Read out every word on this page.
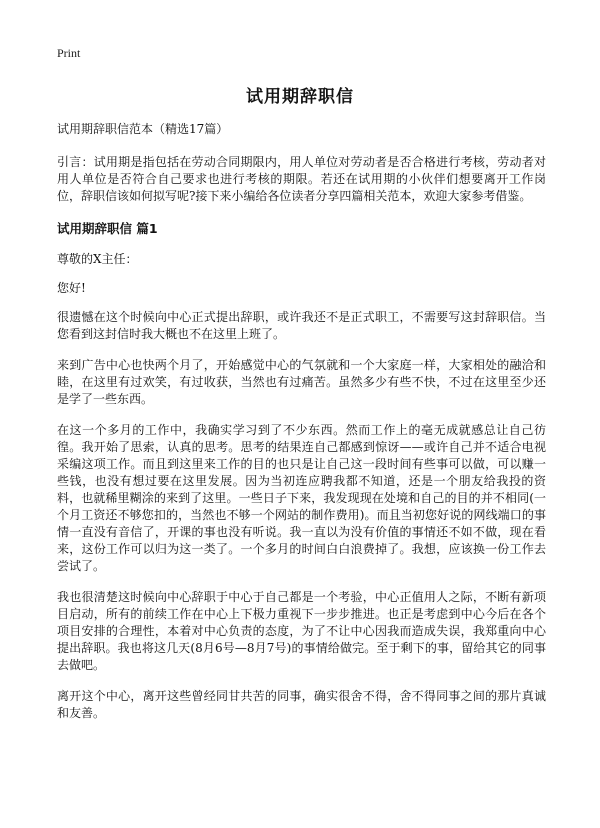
Print
试用期辞职信

试用期辞职信范本（精选17篇）

引言：试用期是指包括在劳动合同期限内，用人单位对劳动者是否合格进行考核，劳动者对用人单位是否符合自己要求也进行考核的期限。若还在试用期的小伙伴们想要离开工作岗位，辞职信该如何拟写呢?接下来小编给各位读者分享四篇相关范本，欢迎大家参考借鉴。

试用期辞职信 篇1

尊敬的X主任：

您好!

很遗憾在这个时候向中心正式提出辞职，或许我还不是正式职工，不需要写这封辞职信。当您看到这封信时我大概也不在这里上班了。

来到广告中心也快两个月了，开始感觉中心的气氛就和一个大家庭一样，大家相处的融洽和睦，在这里有过欢笑，有过收获，当然也有过痛苦。虽然多少有些不快，不过在这里至少还是学了一些东西。

在这一个多月的工作中，我确实学习到了不少东西。然而工作上的毫无成就感总让自己彷徨。我开始了思索，认真的思考。思考的结果连自己都感到惊讶——或许自己并不适合电视采编这项工作。而且到这里来工作的目的也只是让自己这一段时间有些事可以做，可以赚一些钱，也没有想过要在这里发展。因为当初连应聘我都不知道，还是一个朋友给我投的资料，也就稀里糊涂的来到了这里。一些日子下来，我发现现在处境和自己的目的并不相同(一个月工资还不够您扣的，当然也不够一个网站的制作费用)。而且当初您好说的网线端口的事情一直没有音信了，开课的事也没有听说。我一直以为没有价值的事情还不如不做，现在看来，这份工作可以归为这一类了。一个多月的时间白白浪费掉了。我想，应该换一份工作去尝试了。

我也很清楚这时候向中心辞职于中心于自己都是一个考验，中心正值用人之际，不断有新项目启动，所有的前续工作在中心上下极力重视下一步步推进。也正是考虑到中心今后在各个项目安排的合理性，本着对中心负责的态度，为了不让中心因我而造成失误，我郑重向中心提出辞职。我也将这几天(8月6号—8月7号)的事情给做完。至于剩下的事，留给其它的同事去做吧。

离开这个中心，离开这些曾经同甘共苦的同事，确实很舍不得，舍不得同事之间的那片真诚和友善。
